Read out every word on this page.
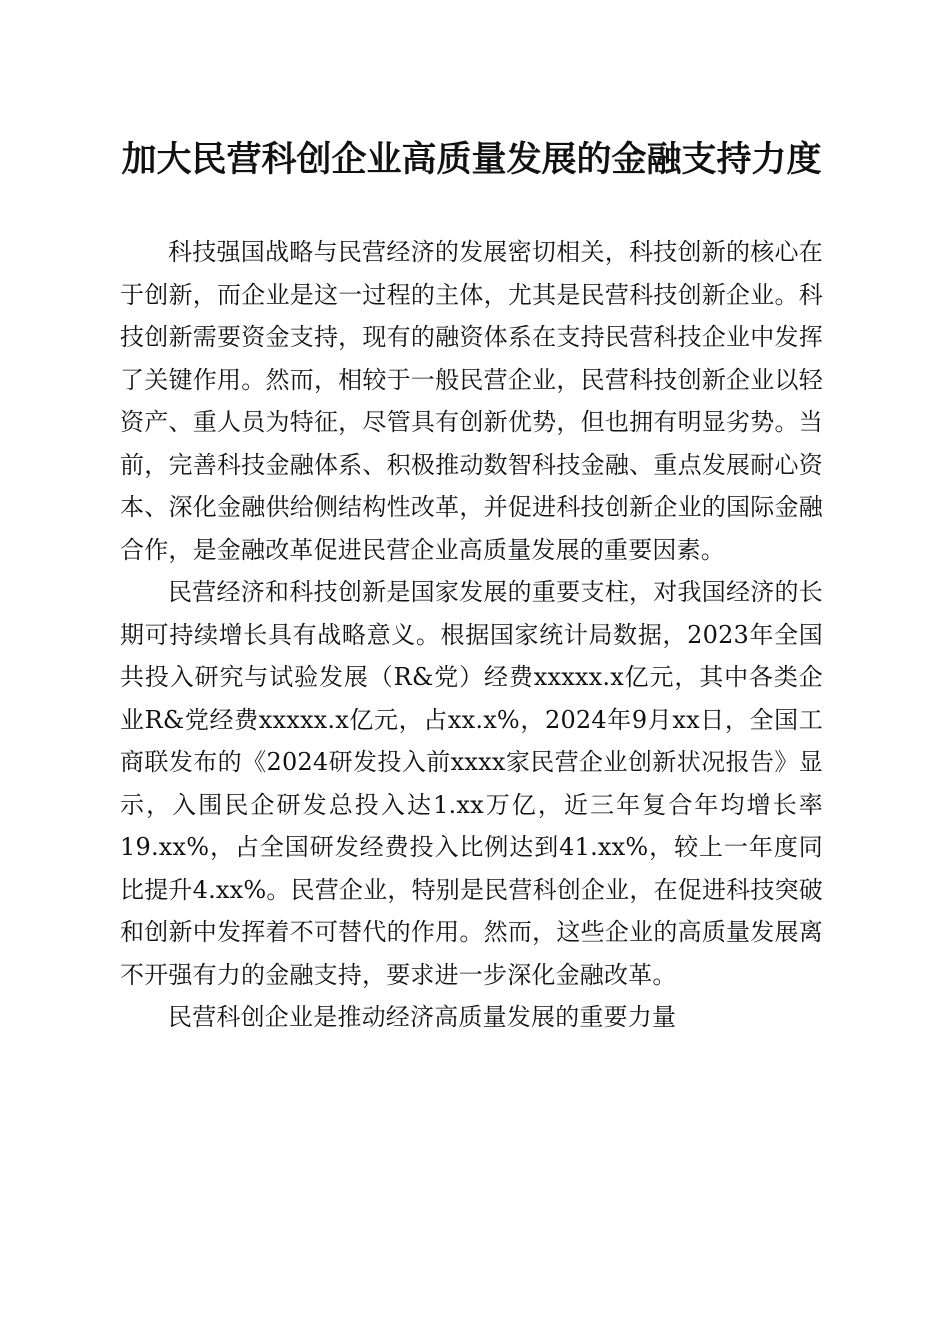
加大民营科创企业高质量发展的金融支持力度

科技强国战略与民营经济的发展密切相关，科技创新的核心在于创新，而企业是这一过程的主体，尤其是民营科技创新企业。科技创新需要资金支持，现有的融资体系在支持民营科技企业中发挥了关键作用。然而，相较于一般民营企业，民营科技创新企业以轻资产、重人员为特征，尽管具有创新优势，但也拥有明显劣势。当前，完善科技金融体系、积极推动数智科技金融、重点发展耐心资本、深化金融供给侧结构性改革，并促进科技创新企业的国际金融合作，是金融改革促进民营企业高质量发展的重要因素。

民营经济和科技创新是国家发展的重要支柱，对我国经济的长期可持续增长具有战略意义。根据国家统计局数据，2023年全国共投入研究与试验发展（R&党）经费xxxxx.x亿元，其中各类企业R&党经费xxxxx.x亿元，占xx.x%，2024年9月xx日，全国工商联发布的《2024研发投入前xxxx家民营企业创新状况报告》显示，入围民企研发总投入达1.xx万亿，近三年复合年均增长率19.xx%，占全国研发经费投入比例达到41.xx%，较上一年度同比提升4.xx%。民营企业，特别是民营科创企业，在促进科技突破和创新中发挥着不可替代的作用。然而，这些企业的高质量发展离不开强有力的金融支持，要求进一步深化金融改革。

民营科创企业是推动经济高质量发展的重要力量
